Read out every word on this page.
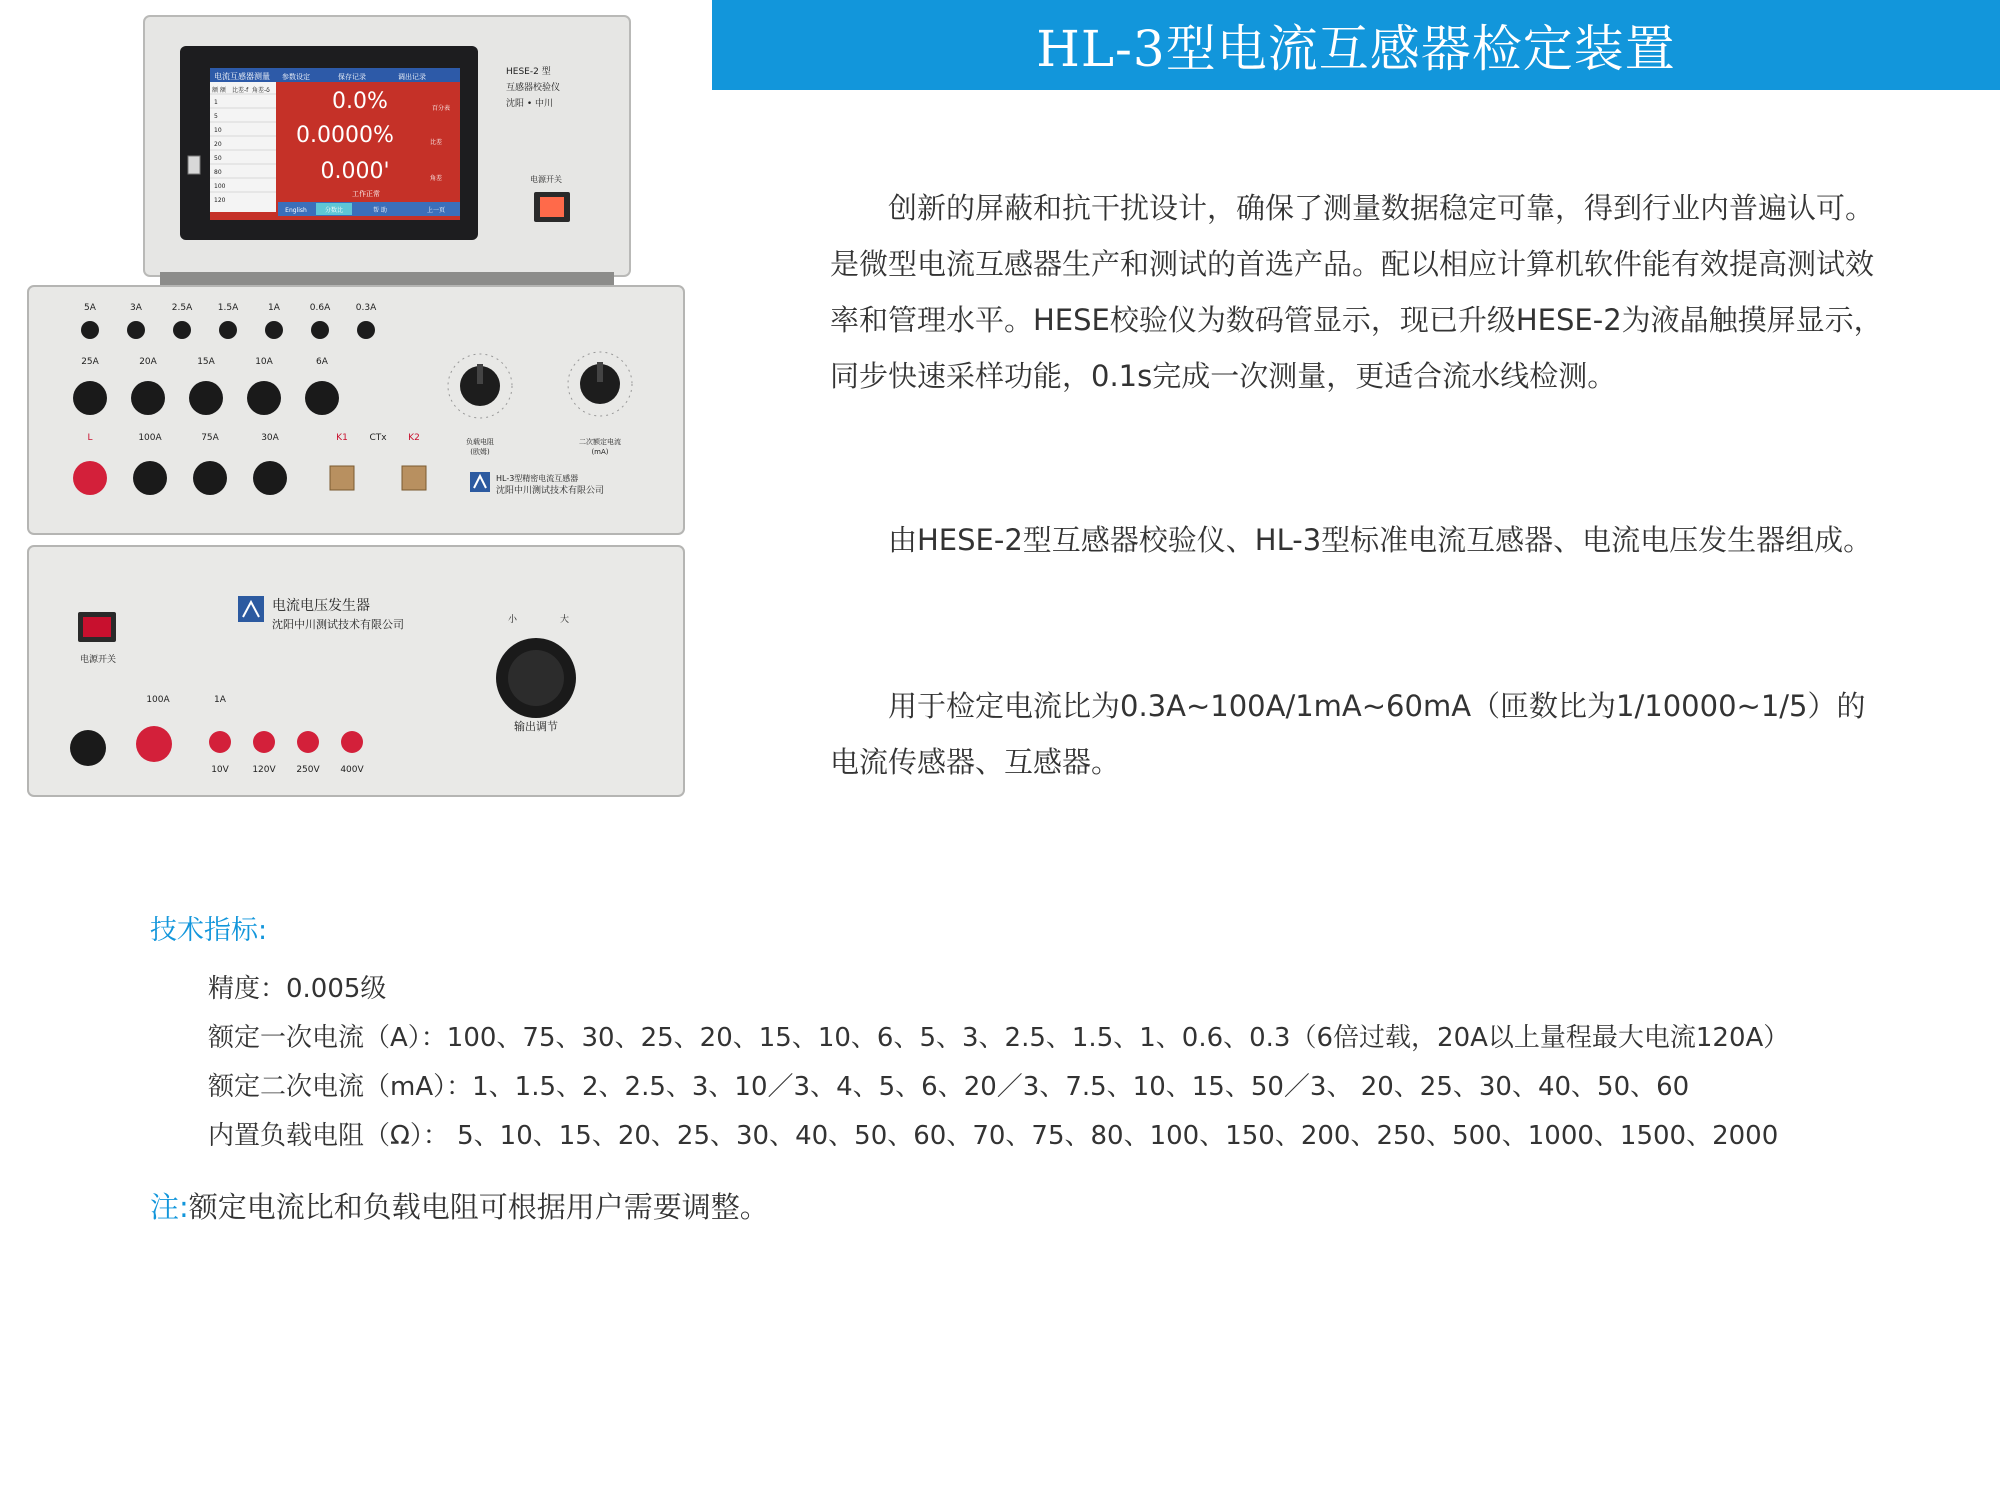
HL-3型电流互感器检定装置
电流互感器测量 参数设定	保存记录	调出记录
额 额 比差-f 角差-δ
1
5
10
20
50
80
100
120
0.0%	百分表
0.0000%	比差
0.000'	角差
工作正常
English	分数比	帮 助	上一页
HESE-2 型
互感器校验仪
沈阳 • 中川
电源开关
5A	3A	2.5A	1.5A	1A	0.6A	0.3A
25A	20A	15A	10A	6A
L	100A	75A	30A	K1 CTx K2	负载电阻
(欧姆)
二次额定电流
(mA)
HL-3型精密电流互感器
沈阳中川测试技术有限公司
电流电压发生器
沈阳中川测试技术有限公司
电源开关
小	大
输出调节
100A	1A
10V	120V 250V 400V

创新的屏蔽和抗干扰设计，确保了测量数据稳定可靠，得到行业内普遍认可。 是微型电流互感器生产和测试的首选产品。配以相应计算机软件能有效提高测试效率和管理水平。HESE校验仪为数码管显示，现已升级HESE-2为液晶触摸屏显示，同步快速采样功能，0.1s完成一次测量，更适合流水线检测。

由HESE-2型互感器校验仪、HL-3型标准电流互感器、电流电压发生器组成。

用于检定电流比为0.3A~100A/1mA~60mA（匝数比为1/10000~1/5）的电流传感器、互感器。

技术指标:
精度：0.005级
额定一次电流（A）：100、75、30、25、20、15、10、6、5、3、2.5、1.5、1、0.6、0.3（6倍过载，20A以上量程最大电流120A）
额定二次电流（mA）：1、1.5、2、2.5、3、10／3、4、5、6、20／3、7.5、10、15、50／3、 20、25、30、40、50、60
内置负载电阻（Ω）： 5、10、15、20、25、30、40、50、60、70、75、80、100、150、200、250、500、1000、1500、2000
注:额定电流比和负载电阻可根据用户需要调整。
